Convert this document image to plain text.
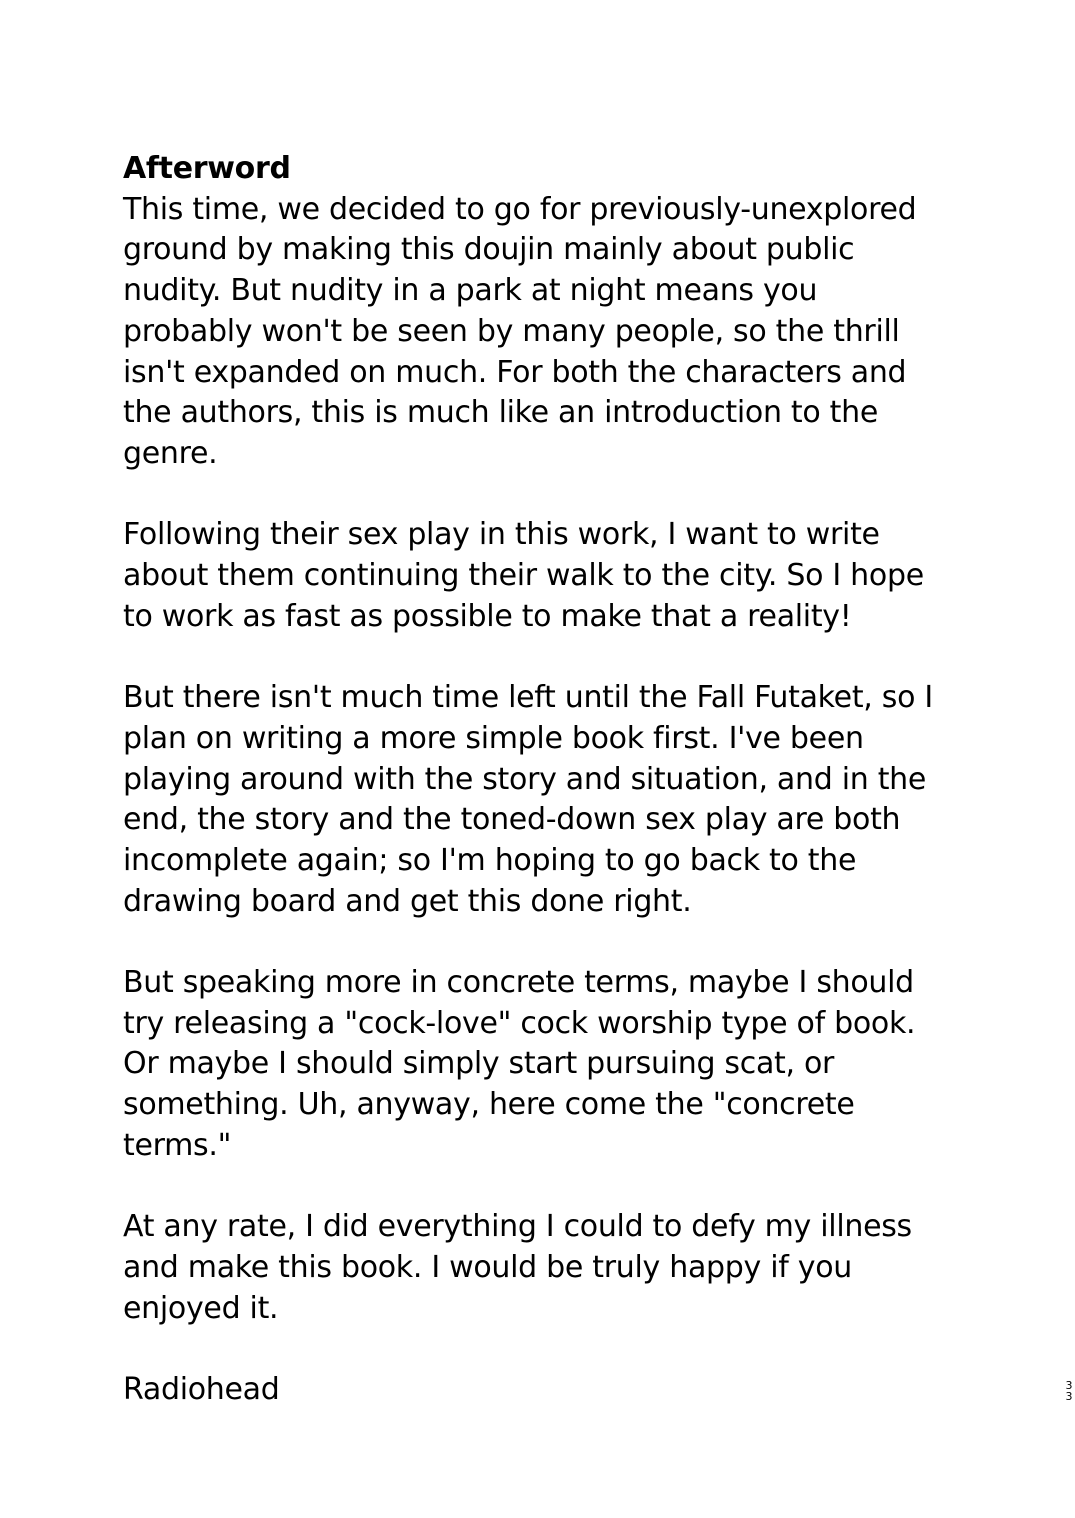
Afterword
This time, we decided to go for previously-unexplored
ground by making this doujin mainly about public
nudity. But nudity in a park at night means you
probably won't be seen by many people, so the thrill
isn't expanded on much. For both the characters and
the authors, this is much like an introduction to the
genre.
Following their sex play in this work, I want to write
about them continuing their walk to the city. So I hope
to work as fast as possible to make that a reality!
But there isn't much time left until the Fall Futaket, so I
plan on writing a more simple book first. I've been
playing around with the story and situation, and in the
end, the story and the toned-down sex play are both
incomplete again; so I'm hoping to go back to the
drawing board and get this done right.
But speaking more in concrete terms, maybe I should
try releasing a "cock-love" cock worship type of book.
Or maybe I should simply start pursuing scat, or
something. Uh, anyway, here come the "concrete
terms."
At any rate, I did everything I could to defy my illness
and make this book. I would be truly happy if you
enjoyed it.
Radiohead	3
3
